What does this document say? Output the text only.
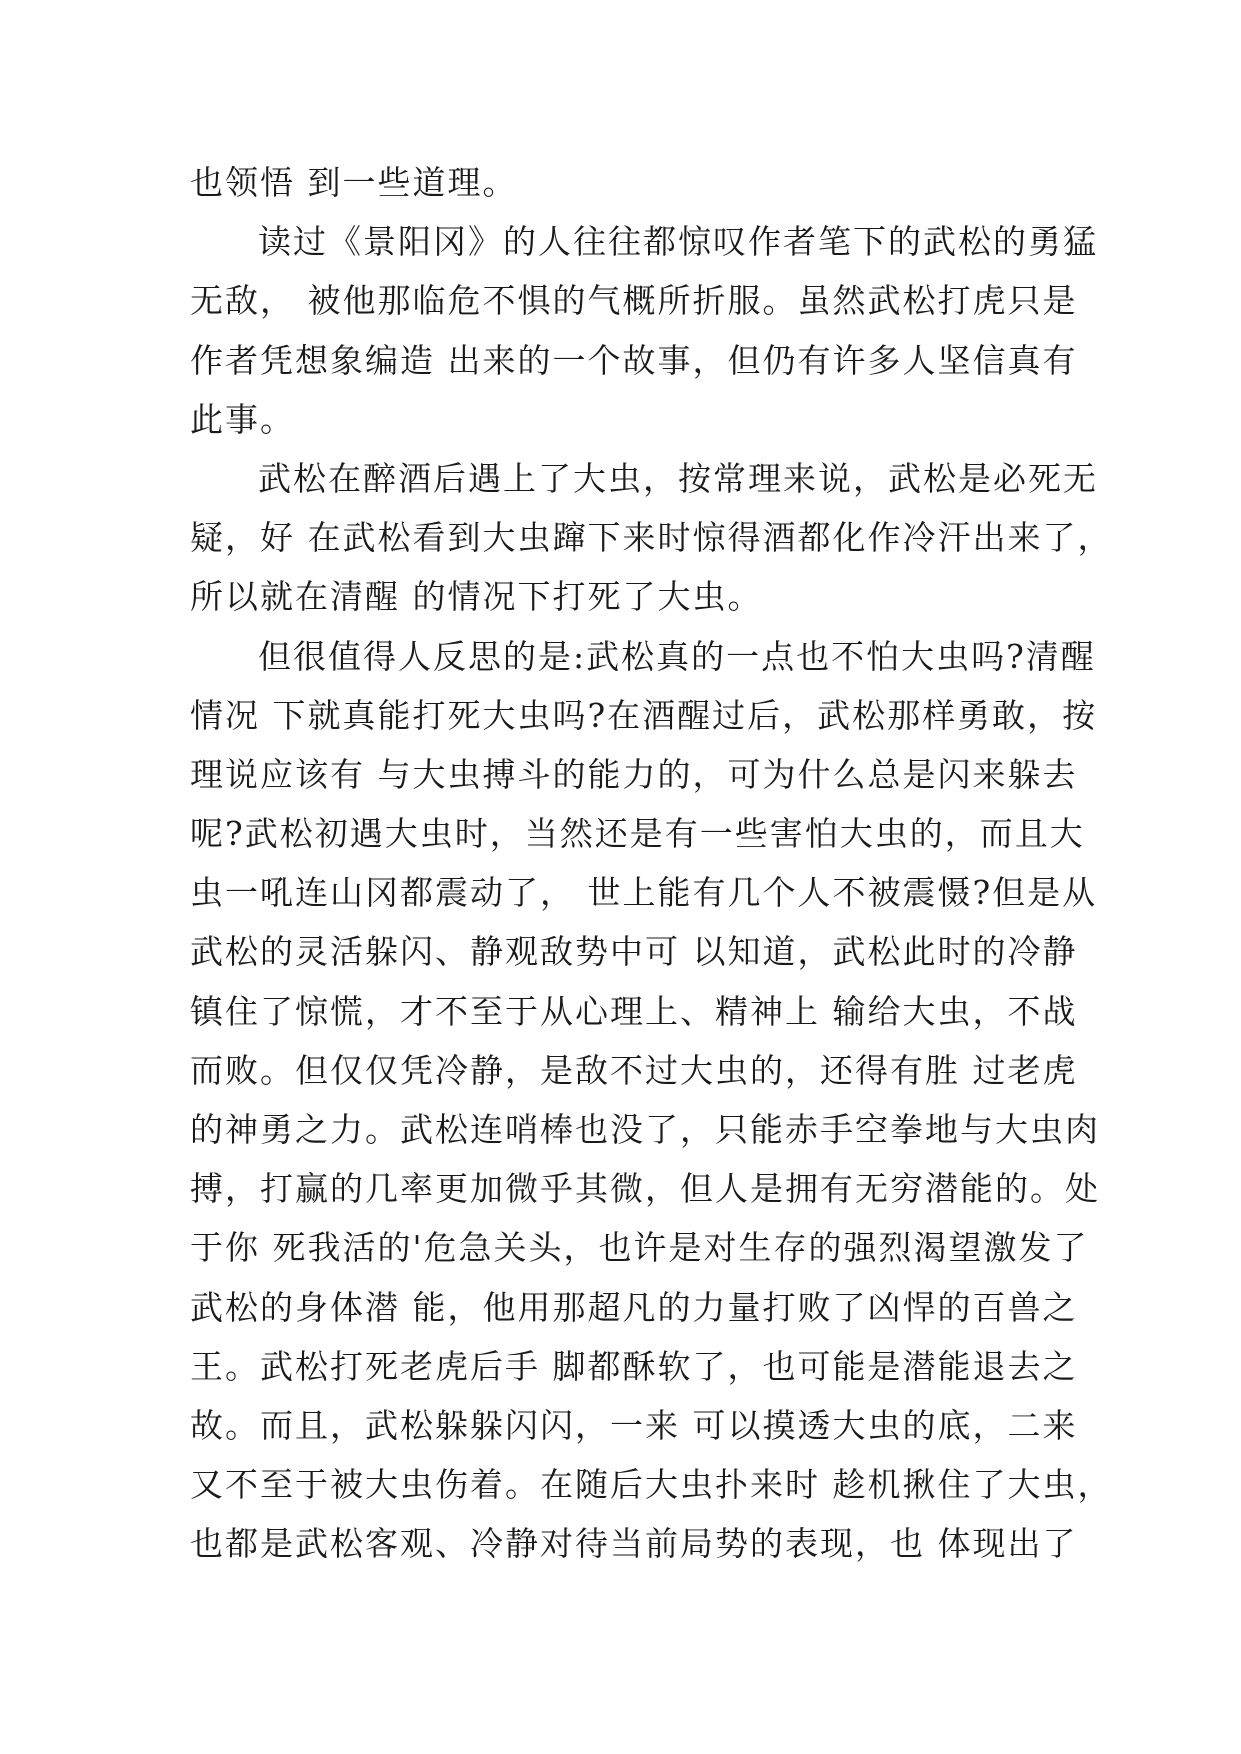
也领悟 到一些道理。
读过《景阳冈》的人往往都惊叹作者笔下的武松的勇猛
无敌， 被他那临危不惧的气概所折服。虽然武松打虎只是
作者凭想象编造 出来的一个故事，但仍有许多人坚信真有
此事。
武松在醉酒后遇上了大虫，按常理来说，武松是必死无
疑，好 在武松看到大虫蹿下来时惊得酒都化作冷汗出来了，
所以就在清醒 的情况下打死了大虫。
但很值得人反思的是:武松真的一点也不怕大虫吗?清醒
情况 下就真能打死大虫吗?在酒醒过后，武松那样勇敢，按
理说应该有 与大虫搏斗的能力的，可为什么总是闪来躲去
呢?武松初遇大虫时，当然还是有一些害怕大虫的，而且大
虫一吼连山冈都震动了， 世上能有几个人不被震慑?但是从
武松的灵活躲闪、静观敌势中可 以知道，武松此时的冷静
镇住了惊慌，才不至于从心理上、精神上 输给大虫，不战
而败。但仅仅凭冷静，是敌不过大虫的，还得有胜 过老虎
的神勇之力。武松连哨棒也没了，只能赤手空拳地与大虫肉
搏，打赢的几率更加微乎其微，但人是拥有无穷潜能的。处
于你 死我活的'危急关头，也许是对生存的强烈渴望激发了
武松的身体潜 能，他用那超凡的力量打败了凶悍的百兽之
王。武松打死老虎后手 脚都酥软了，也可能是潜能退去之
故。而且，武松躲躲闪闪，一来 可以摸透大虫的底，二来
又不至于被大虫伤着。在随后大虫扑来时 趁机揪住了大虫，
也都是武松客观、冷静对待当前局势的表现，也 体现出了
